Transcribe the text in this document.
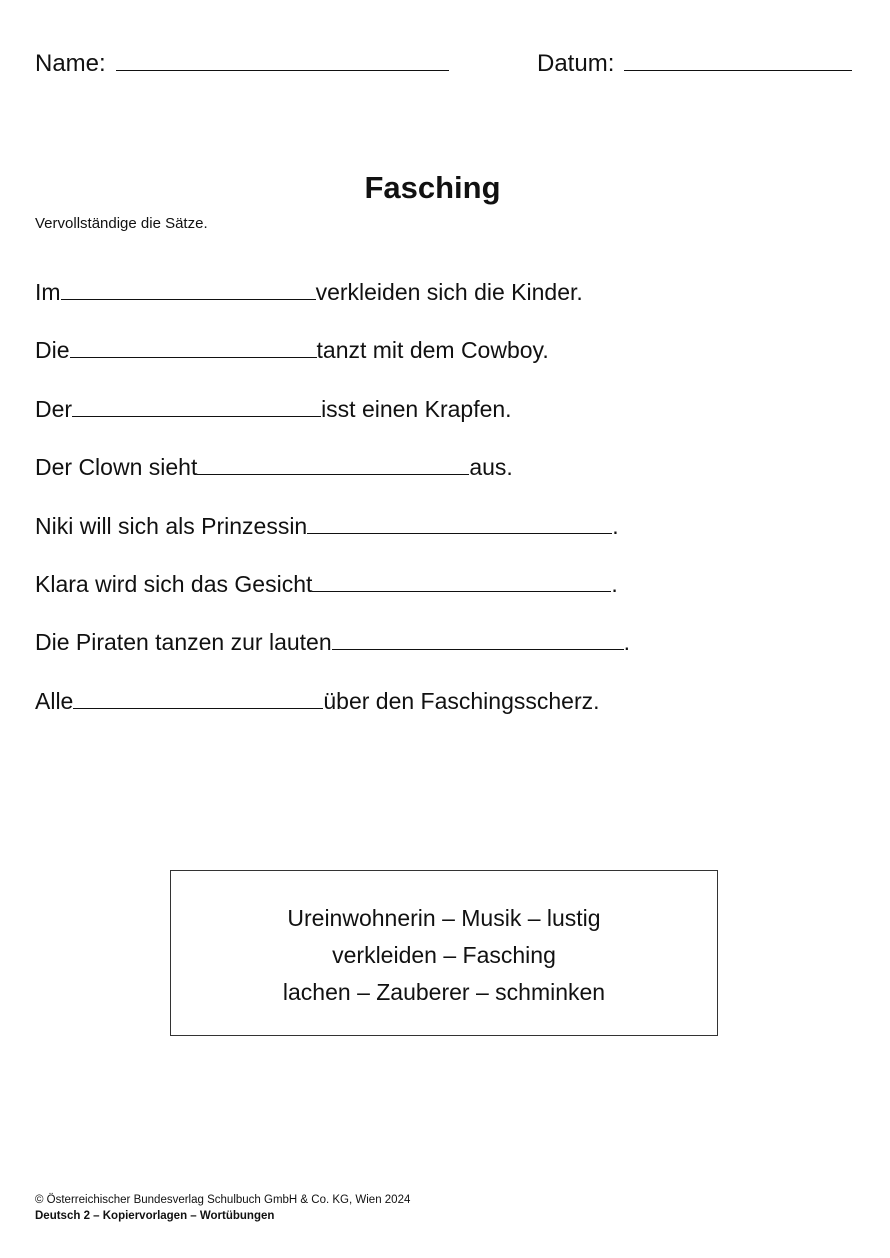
Name:	Datum:
Fasching
Vervollständige die Sätze.
Im	verkleiden sich die Kinder.
Die	tanzt mit dem Cowboy.
Der	isst einen Krapfen.
Der Clown sieht	aus.
Niki will sich als Prinzessin	.
Klara wird sich das Gesicht	.
Die Piraten tanzen zur lauten	.
Alle	über den Faschingsscherz.
Ureinwohnerin – Musik – lustig
verkleiden – Fasching
lachen – Zauberer – schminken
© Österreichischer Bundesverlag Schulbuch GmbH & Co. KG, Wien 2024
Deutsch 2 – Kopiervorlagen – Wortübungen
